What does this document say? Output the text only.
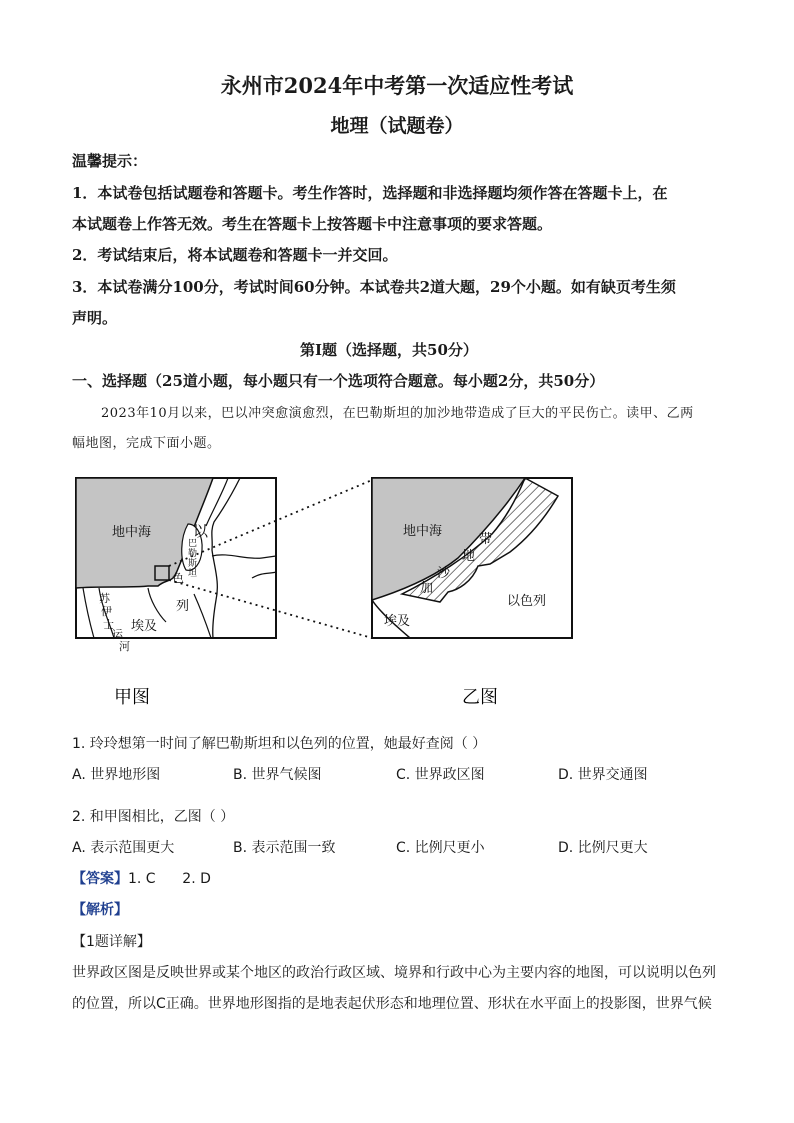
永州市2024年中考第一次适应性考试
地理（试题卷）
温馨提示：
1．本试卷包括试题卷和答题卡。考生作答时，选择题和非选择题均须作答在答题卡上，在
本试题卷上作答无效。考生在答题卡上按答题卡中注意事项的要求答题。
2．考试结束后，将本试题卷和答题卡一并交回。
3．本试卷满分100分，考试时间60分钟。本试卷共2道大题，29个小题。如有缺页考生须
声明。
第Ⅰ题（选择题，共50分）
一、选择题（25道小题，每小题只有一个选项符合题意。每小题2分，共50分）
2023年10月以来，巴以冲突愈演愈烈，在巴勒斯坦的加沙地带造成了巨大的平民伤亡。读甲、乙两
幅地图，完成下面小题。
地中海	以
巴
勒
斯
坦
色
列
埃及
苏
伊
士
运
河
地中海
加
沙
地
带
以色列
埃及
甲图	乙图
1. 玲玲想第一时间了解巴勒斯坦和以色列的位置，她最好查阅（ ）
A. 世界地形图	B. 世界气候图	C. 世界政区图	D. 世界交通图
2. 和甲图相比，乙图（ ）
A. 表示范围更大	B. 表示范围一致	C. 比例尺更小	D. 比例尺更大
【答案】1. C      2. D
【解析】
【1题详解】
世界政区图是反映世界或某个地区的政治行政区域、境界和行政中心为主要内容的地图，可以说明以色列
的位置，所以C正确。世界地形图指的是地表起伏形态和地理位置、形状在水平面上的投影图，世界气候
